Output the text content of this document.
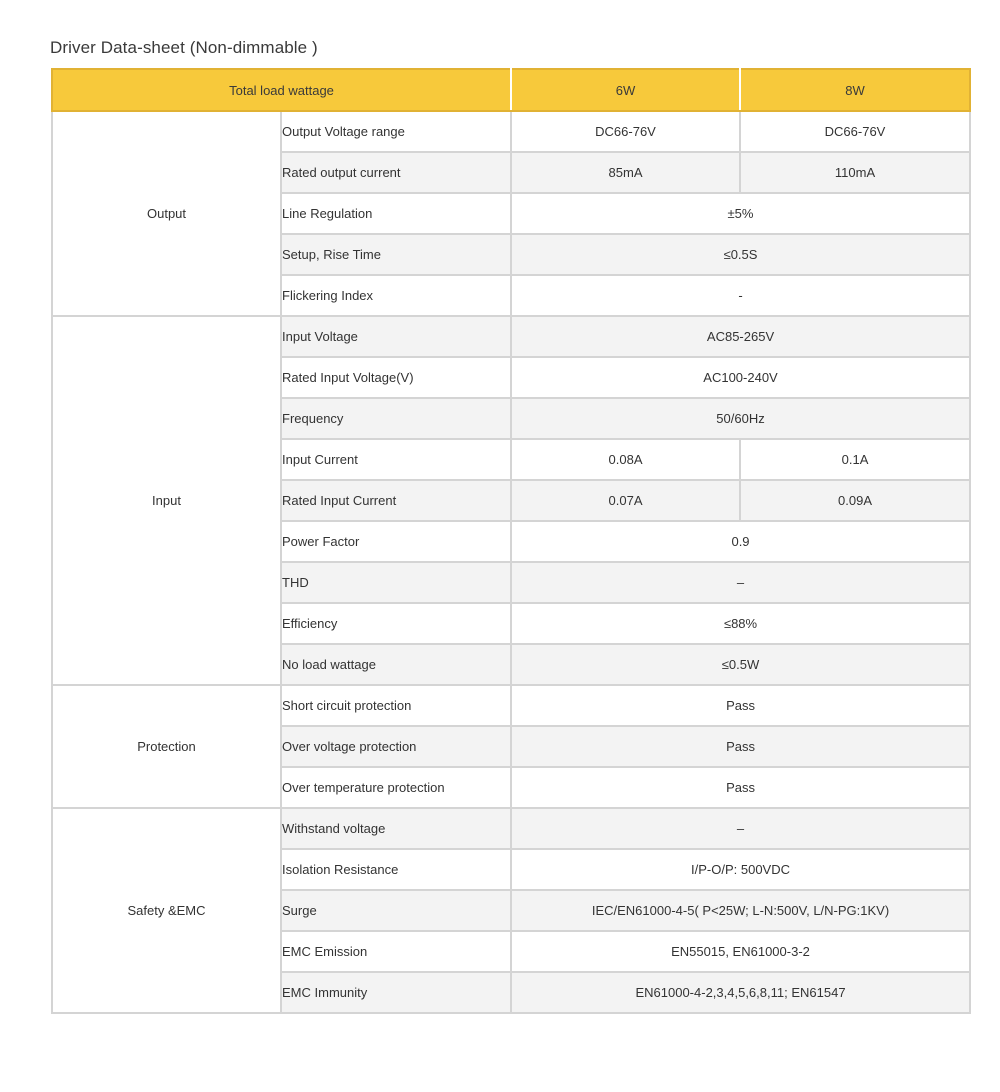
Driver Data-sheet (Non-dimmable )
Total load wattage		6W	8W
Output	Output Voltage range	DC66-76V	DC66-76V
	Rated output current	85mA	110mA
	Line Regulation	±5%	
	Setup, Rise Time	≤0.5S	
	Flickering Index	-	
Input	Input Voltage	AC85-265V	
	Rated Input Voltage(V)	AC100-240V	
	Frequency	50/60Hz	
	Input Current	0.08A	0.1A
	Rated Input Current	0.07A	0.09A
	Power Factor	0.9	
	THD	–	
	Efficiency	≤88%	
	No load wattage	≤0.5W	
Protection	Short circuit protection	Pass	
	Over voltage protection	Pass	
	Over temperature protection	Pass	
Safety &EMC	Withstand voltage	–	
	Isolation Resistance	I/P-O/P: 500VDC	
	Surge	IEC/EN61000-4-5( P<25W; L-N:500V, L/N-PG:1KV)	
	EMC Emission	EN55015, EN61000-3-2	
	EMC Immunity	EN61000-4-2,3,4,5,6,8,11; EN61547	
